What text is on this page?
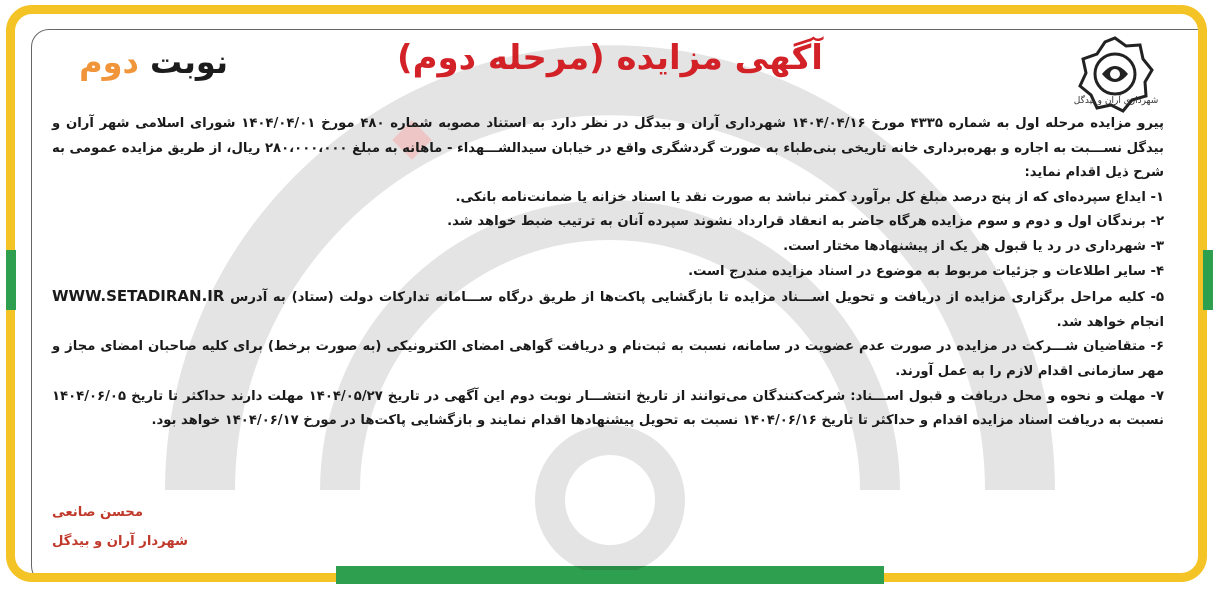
شهرداری آران و بیدگل
آگهی مزایده (مرحله دوم)
نوبت دوم

پیرو مزایده مرحله اول به شماره ۴۳۳۵ مورخ ۱۴۰۴/۰۴/۱۶ شهرداری آران و بیدگل در نظر دارد به استناد مصوبه شماره ۴۸۰ مورخ ۱۴۰۴/۰۴/۰۱ شورای اسلامی شهر آران و بیدگل نســـبت به اجاره و بهره‌برداری خانه تاریخی بنی‌طباء به صورت گردشگری واقع در خیابان سیدالشـــهداء - ماهانه به مبلغ ۲۸۰،۰۰۰،۰۰۰ ریال، از طریق مزایده عمومی به شرح ذیل اقدام نماید:

۱- ایداع سپرده‌ای که از پنج درصد مبلغ کل برآورد کمتر نباشد به صورت نقد یا اسناد خزانه یا ضمانت‌نامه بانکی.

۲- برندگان اول و دوم و سوم مزایده هرگاه حاضر به انعقاد قرارداد نشوند سپرده آنان به ترتیب ضبط خواهد شد.

۳- شهرداری در رد یا قبول هر یک از پیشنهادها مختار است.

۴- سایر اطلاعات و جزئیات مربوط به موضوع در اسناد مزایده مندرج است.

۵- کلیه مراحل برگزاری مزایده از دریافت و تحویل اســـناد مزایده تا بازگشایی پاکت‌ها از طریق درگاه ســـامانه تدارکات دولت (ستاد) به آدرس WWW.SETADIRAN.IR انجام خواهد شد.

۶- متقاضیان شـــرکت در مزایده در صورت عدم عضویت در سامانه، نسبت به ثبت‌نام و دریافت گواهی امضای الکترونیکی (به صورت برخط) برای کلیه صاحبان امضای مجاز و مهر سازمانی اقدام لازم را به عمل آورند.

۷- مهلت و نحوه و محل دریافت و قبول اســـناد: شرکت‌کنندگان می‌توانند از تاریخ انتشـــار نوبت دوم این آگهی در تاریخ ۱۴۰۴/۰۵/۲۷ مهلت دارند حداکثر تا تاریخ ۱۴۰۴/۰۶/۰۵ نسبت به دریافت اسناد مزایده اقدام و حداکثر تا تاریخ ۱۴۰۴/۰۶/۱۶ نسبت به تحویل پیشنهادها اقدام نمایند و بازگشایی پاکت‌ها در مورخ ۱۴۰۴/۰۶/۱۷ خواهد بود.

محسن صانعی
شهردار آران و بیدگل
